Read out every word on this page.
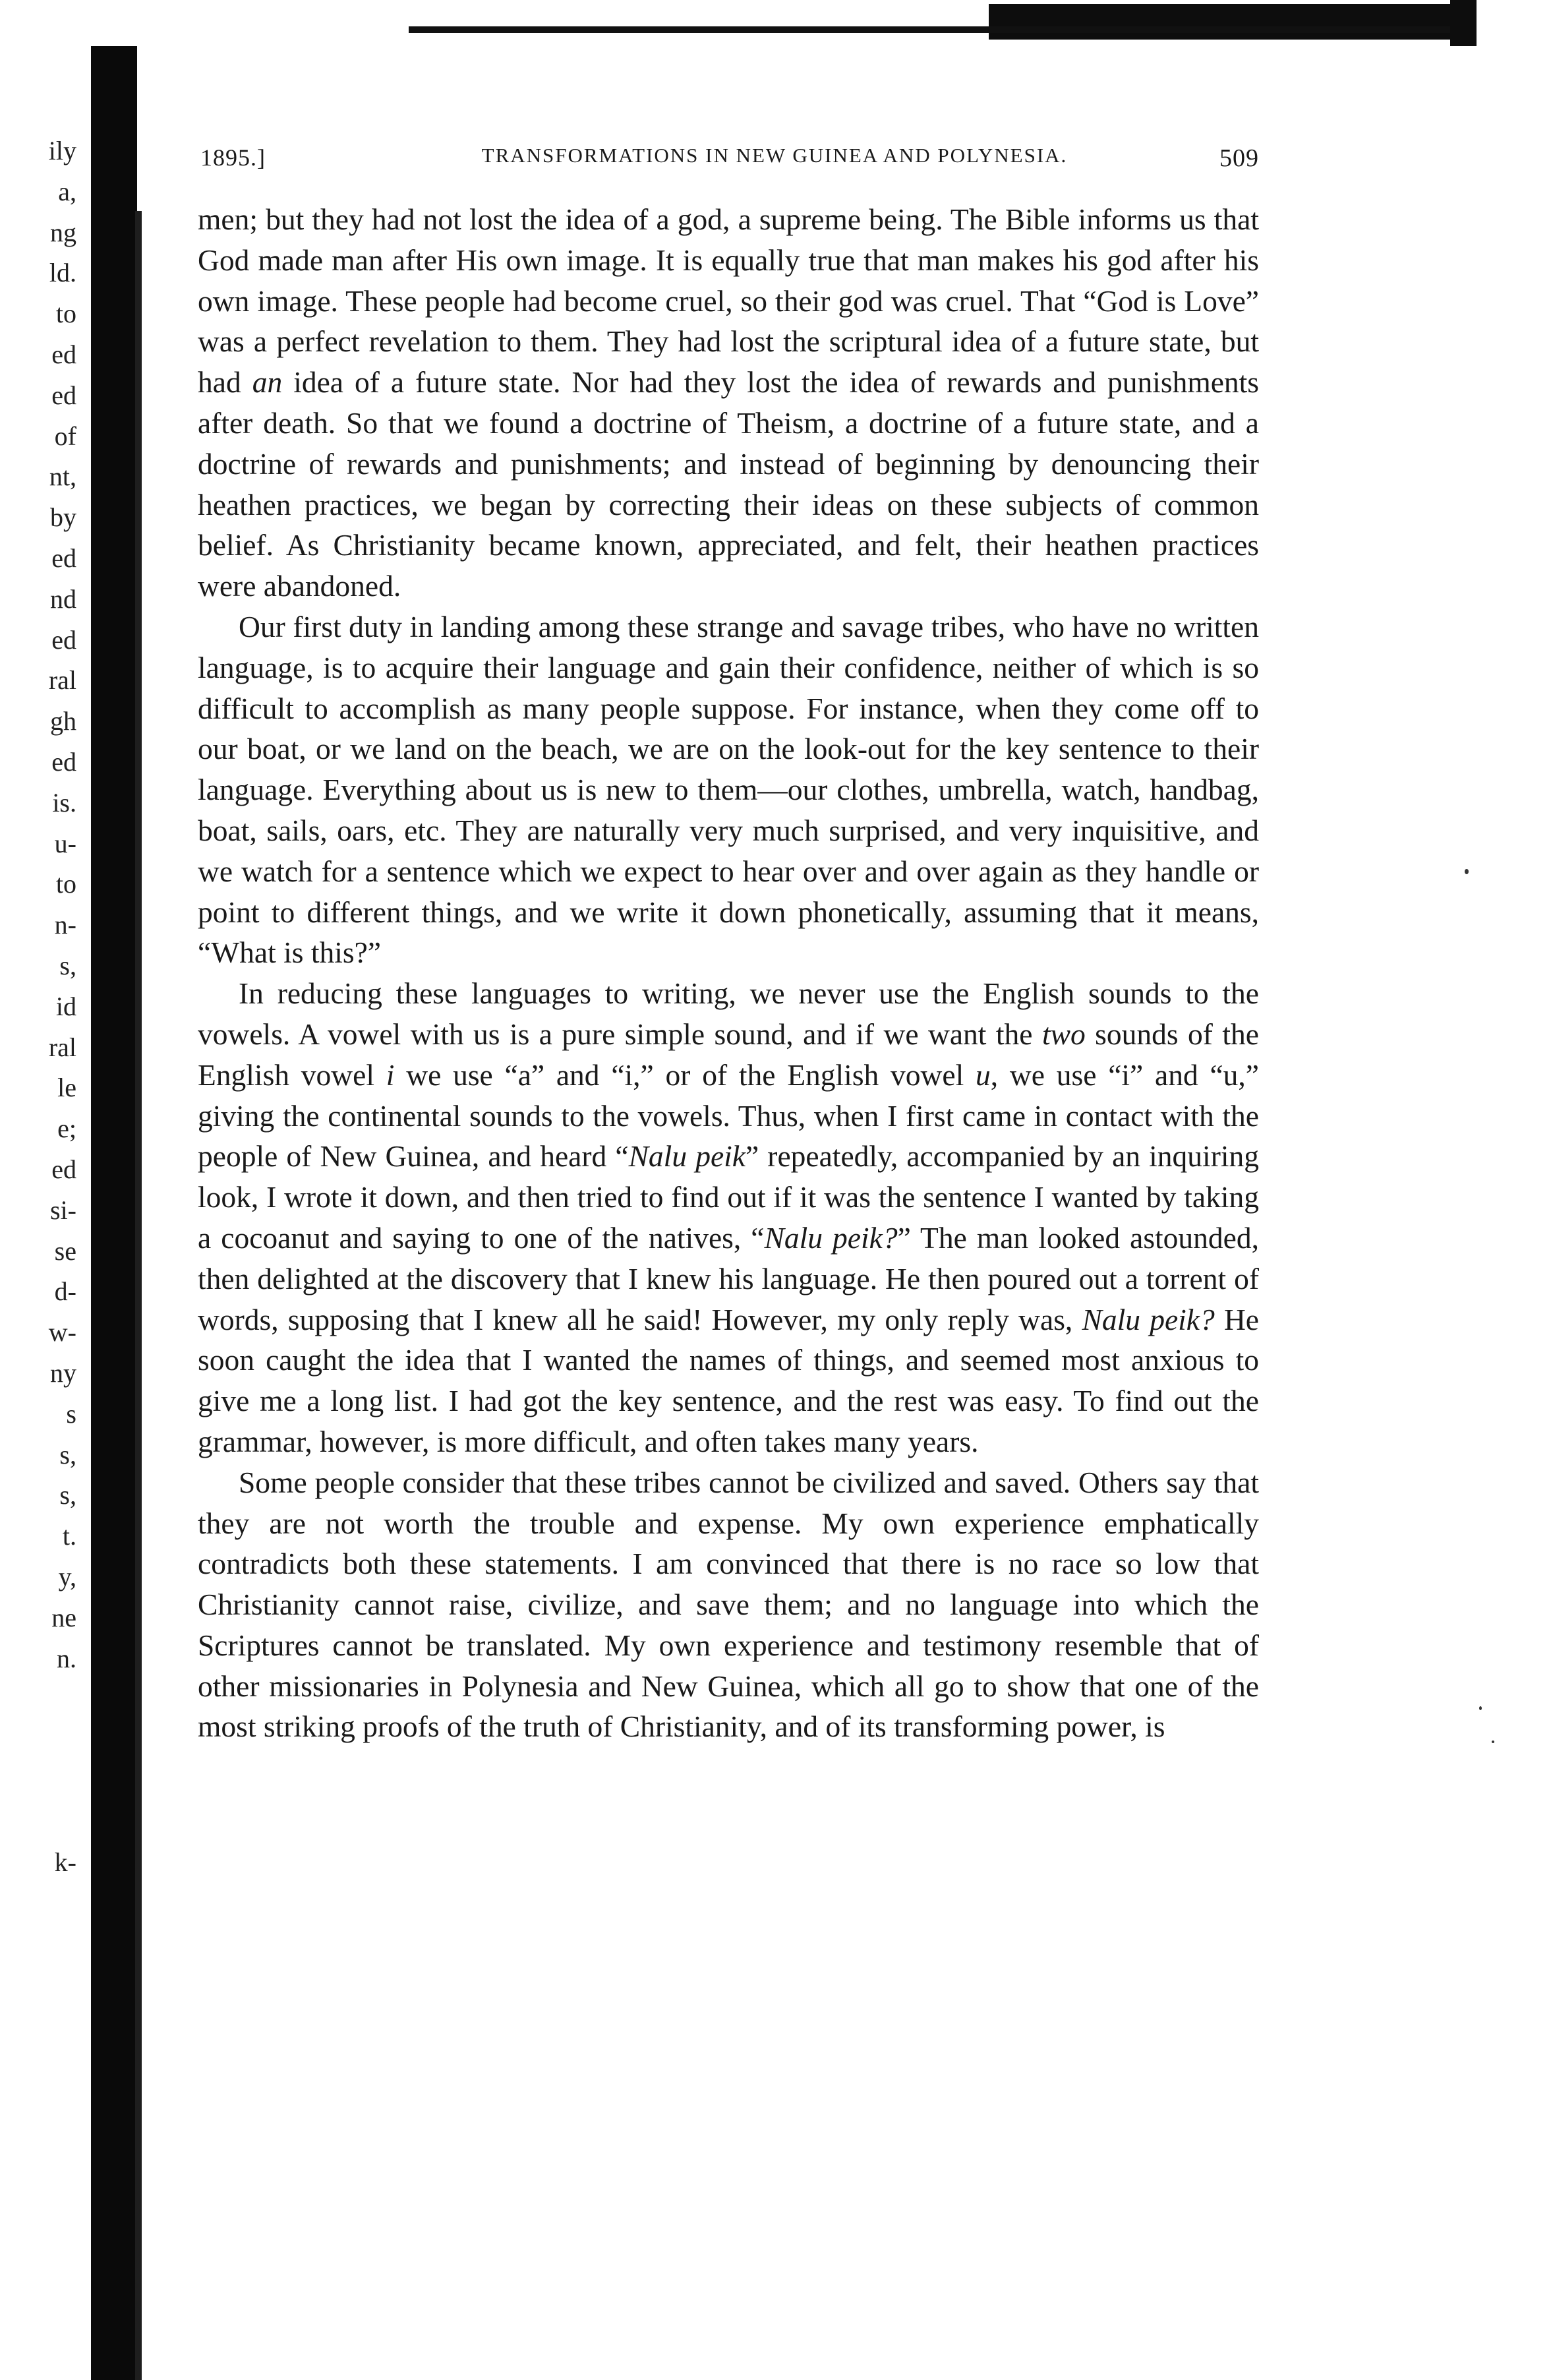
ily
a,
ng
ld.
to
ed
ed
of
nt,
by
ed
nd
ed
ral
gh
ed
is.
u-
to
n-
s,
id
ral
le
e;
ed
si-
se
d-
w-
ny
s
s,
s,
t.
y,
ne
n.
k-
1895.]	TRANSFORMATIONS IN NEW GUINEA AND POLYNESIA.	509

men; but they had not lost the idea of a god, a supreme being. The Bible informs us that God made man after His own image. It is equally true that man makes his god after his own image. These people had become cruel, so their god was cruel. That “God is Love” was a perfect revelation to them. They had lost the scriptural idea of a future state, but had an idea of a future state. Nor had they lost the idea of rewards and punishments after death. So that we found a doctrine of Theism, a doctrine of a future state, and a doctrine of rewards and punishments; and instead of beginning by denouncing their heathen practices, we began by correcting their ideas on these subjects of common belief. As Christianity became known, appreciated, and felt, their heathen practices were abandoned.

Our first duty in landing among these strange and savage tribes, who have no written language, is to acquire their language and gain their confidence, neither of which is so difficult to accomplish as many people suppose. For instance, when they come off to our boat, or we land on the beach, we are on the look-out for the key sentence to their language. Everything about us is new to them—our clothes, umbrella, watch, handbag, boat, sails, oars, etc. They are naturally very much surprised, and very inquisitive, and we watch for a sentence which we expect to hear over and over again as they handle or point to different things, and we write it down phonetically, assuming that it means, “What is this?”

In reducing these languages to writing, we never use the English sounds to the vowels. A vowel with us is a pure simple sound, and if we want the two sounds of the English vowel i we use “a” and “i,” or of the English vowel u, we use “i” and “u,” giving the continental sounds to the vowels. Thus, when I first came in contact with the people of New Guinea, and heard “Nalu peik” repeatedly, accompanied by an inquiring look, I wrote it down, and then tried to find out if it was the sentence I wanted by taking a cocoanut and saying to one of the natives, “Nalu peik?” The man looked astounded, then delighted at the discovery that I knew his language. He then poured out a torrent of words, supposing that I knew all he said! However, my only reply was, Nalu peik? He soon caught the idea that I wanted the names of things, and seemed most anxious to give me a long list. I had got the key sentence, and the rest was easy. To find out the grammar, however, is more difficult, and often takes many years.

Some people consider that these tribes cannot be civilized and saved. Others say that they are not worth the trouble and expense. My own experience emphatically contradicts both these statements. I am convinced that there is no race so low that Christianity cannot raise, civilize, and save them; and no language into which the Scriptures cannot be translated. My own experience and testimony resemble that of other missionaries in Polynesia and New Guinea, which all go to show that one of the most striking proofs of the truth of Christianity, and of its transforming power, is
